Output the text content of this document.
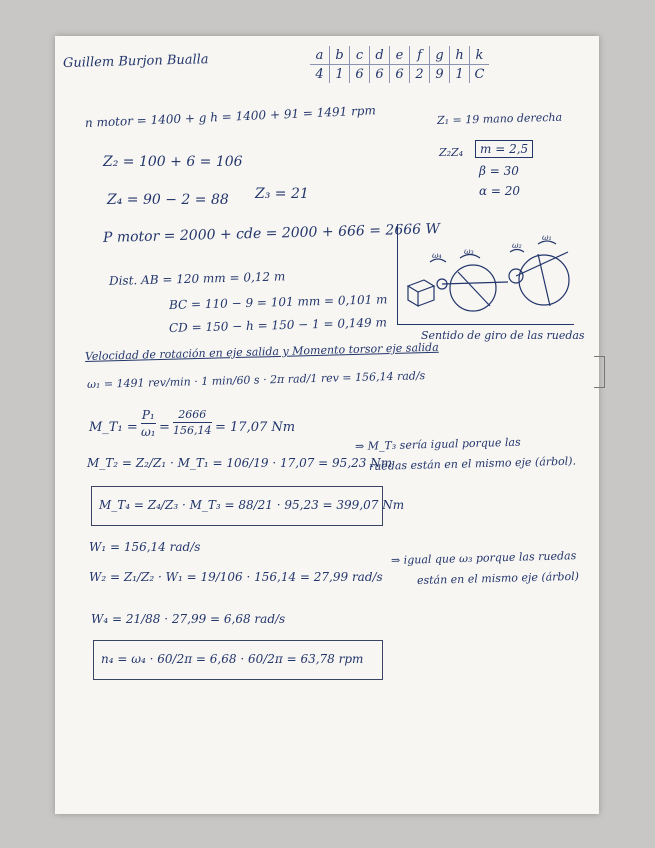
Guillem Burjon Bualla	a	b	c	d	e	f	g	h	k
4	1	6	6	6	2	9	1	C
n motor = 1400 + g h = 1400 + 91 = 1491 rpm	Z₁ = 19 mano derecha
Z₂ = 100 + 6 = 106
Z₂Z₄	m = 2,5
β = 30
α = 20
Z₄ = 90 − 2 = 88 Z₃ = 21
P motor = 2000 + cde = 2000 + 666 = 2666 W
Dist. AB = 120 mm = 0,12 m
BC = 110 − 9 = 101 mm = 0,101 m
CD = 150 − h = 150 − 1 = 0,149 m
ω₄	ω₃
ω₂
ω₁
Sentido de giro de las ruedas
Velocidad de rotación en eje salida y Momento torsor eje salida
ω₁ = 1491 rev/min · 1 min/60 s · 2π rad/1 rev = 156,14 rad/s
M_T₁ =
P₁
ω₁ =
2666
156,14 = 17,07 Nm
M_T₂ = Z₂/Z₁ · M_T₁ = 106/19 · 17,07 = 95,23 Nm
⇒ M_T₃ sería igual porque las
ruedas están en el mismo eje (árbol).
M_T₄ = Z₄/Z₃ · M_T₃ = 88/21 · 95,23 = 399,07 Nm
W₁ = 156,14 rad/s
W₂ = Z₁/Z₂ · W₁ = 19/106 · 156,14 = 27,99 rad/s
⇒ igual que ω₃ porque las ruedas
están en el mismo eje (árbol)
W₄ = 21/88 · 27,99 = 6,68 rad/s
n₄ = ω₄ · 60/2π = 6,68 · 60/2π = 63,78 rpm
